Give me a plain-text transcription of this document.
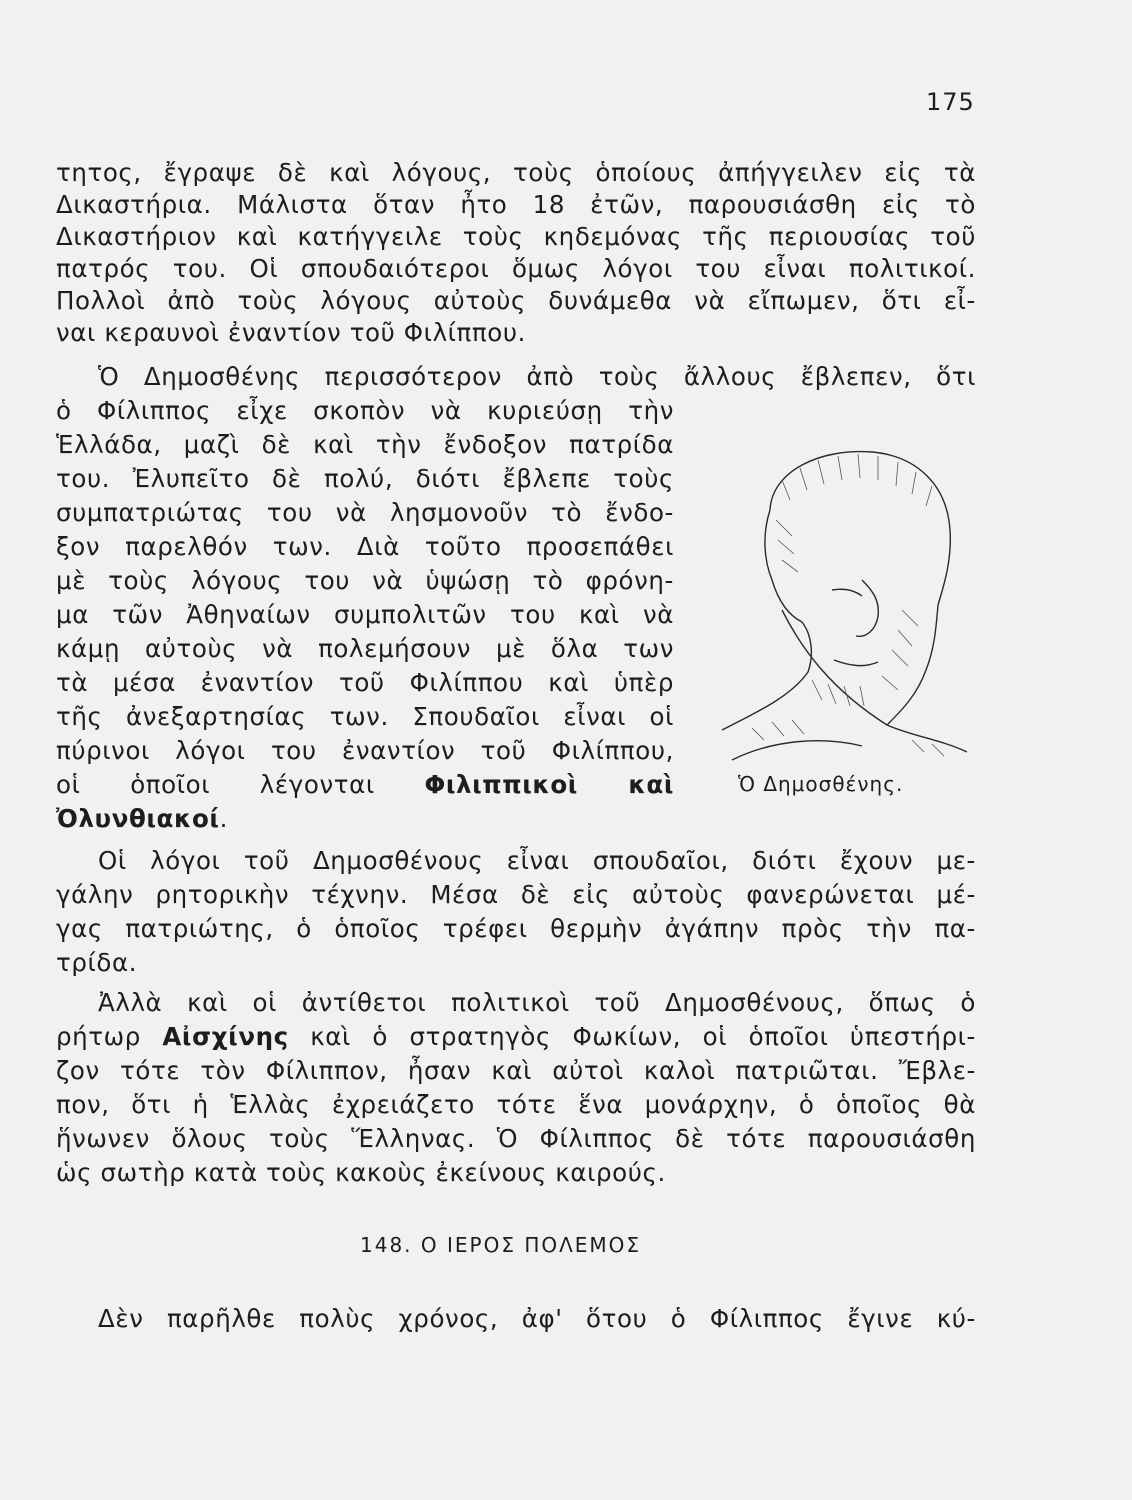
175
τητος, ἔγραψε δὲ καὶ λόγους, τοὺς ὁποίους ἀπήγγειλεν εἰς τὰ
Δικαστήρια. Μάλιστα ὅταν ἦτο 18 ἐτῶν, παρουσιάσθη εἰς τὸ
Δικαστήριον καὶ κατήγγειλε τοὺς κηδεμόνας τῆς περιουσίας τοῦ
πατρός του. Οἱ σπουδαιότεροι ὅμως λόγοι του εἶναι πολιτικοί.
Πολλοὶ ἀπὸ τοὺς λόγους αὐτοὺς δυνάμεθα νὰ εἴπωμεν, ὅτι εἶ-
ναι κεραυνοὶ ἐναντίον τοῦ Φιλίππου.
Ὁ Δημοσθένης περισσότερον ἀπὸ τοὺς ἄλλους ἔβλεπεν, ὅτι
ὁ Φίλιππος εἶχε σκοπὸν νὰ κυριεύσῃ τὴν
Ἑλλάδα, μαζὶ δὲ καὶ τὴν ἔνδοξον πατρίδα
του. Ἐλυπεῖτο δὲ πολύ, διότι ἔβλεπε τοὺς
συμπατριώτας του νὰ λησμονοῦν τὸ ἔνδο-
ξον παρελθόν των. Διὰ τοῦτο προσεπάθει
μὲ τοὺς λόγους του νὰ ὑψώσῃ τὸ φρόνη-
μα τῶν Ἀθηναίων συμπολιτῶν του καὶ νὰ
κάμῃ αὐτοὺς νὰ πολεμήσουν μὲ ὅλα των
τὰ μέσα ἐναντίον τοῦ Φιλίππου καὶ ὑπὲρ
τῆς ἀνεξαρτησίας των. Σπουδαῖοι εἶναι οἱ
πύρινοι λόγοι του ἐναντίον τοῦ Φιλίππου,
οἱ ὁποῖοι λέγονται Φιλιππικοὶ καὶ
Ὀλυνθιακοί.
Οἱ λόγοι τοῦ Δημοσθένους εἶναι σπουδαῖοι, διότι ἔχουν με-
γάλην ρητορικὴν τέχνην. Μέσα δὲ εἰς αὐτοὺς φανερώνεται μέ-
γας πατριώτης, ὁ ὁποῖος τρέφει θερμὴν ἀγάπην πρὸς τὴν πα-
τρίδα.
Ἀλλὰ καὶ οἱ ἀντίθετοι πολιτικοὶ τοῦ Δημοσθένους, ὅπως ὁ
ρήτωρ Αἰσχίνης καὶ ὁ στρατηγὸς Φωκίων, οἱ ὁποῖοι ὑπεστήρι-
ζον τότε τὸν Φίλιππον, ἦσαν καὶ αὐτοὶ καλοὶ πατριῶται. Ἔβλε-
πον, ὅτι ἡ Ἑλλὰς ἐχρειάζετο τότε ἕνα μονάρχην, ὁ ὁποῖος θὰ
ἥνωνεν ὅλους τοὺς Ἕλληνας. Ὁ Φίλιππος δὲ τότε παρουσιάσθη
ὡς σωτὴρ κατὰ τοὺς κακοὺς ἐκείνους καιρούς.
Δὲν παρῆλθε πολὺς χρόνος, ἀφ' ὅτου ὁ Φίλιππος ἔγινε κύ-
148. Ο ΙΕΡΟΣ ΠΟΛΕΜΟΣ
Ὁ Δημοσθένης.
